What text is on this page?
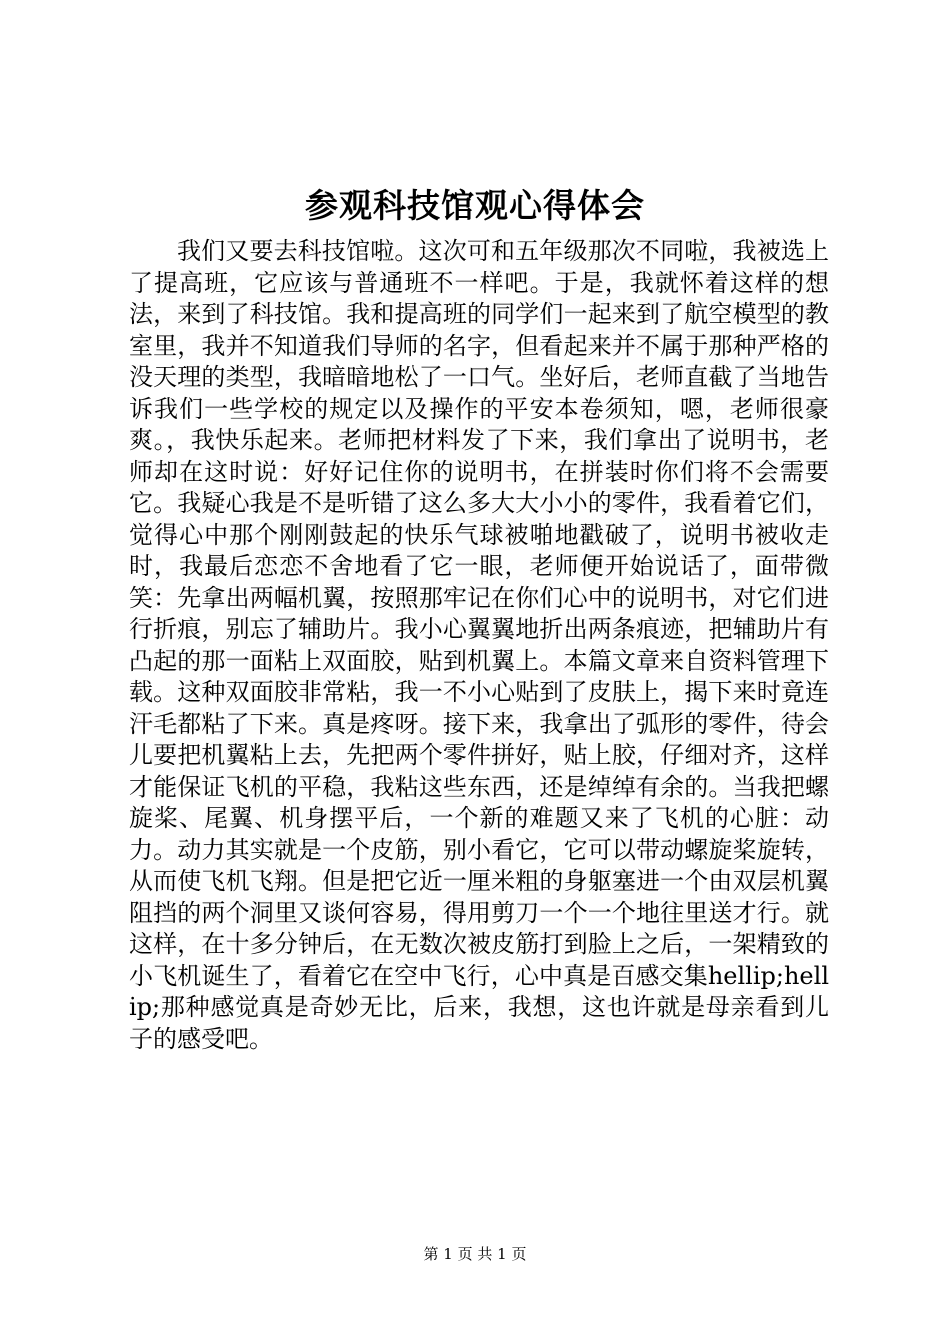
参观科技馆观心得体会

我们又要去科技馆啦。这次可和五年级那次不同啦，我被选上了提高班，它应该与普通班不一样吧。于是，我就怀着这样的想法，来到了科技馆。我和提高班的同学们一起来到了航空模型的教室里，我并不知道我们导师的名字，但看起来并不属于那种严格的没天理的类型，我暗暗地松了一口气。坐好后，老师直截了当地告诉我们一些学校的规定以及操作的平安本卷须知，嗯，老师很豪爽。，我快乐起来。老师把材料发了下来，我们拿出了说明书，老师却在这时说：好好记住你的说明书，在拼装时你们将不会需要它。我疑心我是不是听错了这么多大大小小的零件，我看着它们，觉得心中那个刚刚鼓起的快乐气球被啪地戳破了，说明书被收走时，我最后恋恋不舍地看了它一眼，老师便开始说话了，面带微笑：先拿出两幅机翼，按照那牢记在你们心中的说明书，对它们进行折痕，别忘了辅助片。我小心翼翼地折出两条痕迹，把辅助片有凸起的那一面粘上双面胶，贴到机翼上。本篇文章来自资料管理下载。这种双面胶非常粘，我一不小心贴到了皮肤上，揭下来时竟连汗毛都粘了下来。真是疼呀。接下来，我拿出了弧形的零件，待会儿要把机翼粘上去，先把两个零件拼好，贴上胶，仔细对齐，这样才能保证飞机的平稳，我粘这些东西，还是绰绰有余的。当我把螺旋桨、尾翼、机身摆平后，一个新的难题又来了飞机的心脏：动力。动力其实就是一个皮筋，别小看它，它可以带动螺旋桨旋转，从而使飞机飞翔。但是把它近一厘米粗的身躯塞进一个由双层机翼阻挡的两个洞里又谈何容易，得用剪刀一个一个地往里送才行。就这样，在十多分钟后，在无数次被皮筋打到脸上之后，一架精致的小飞机诞生了，看着它在空中飞行，心中真是百感交集hellip;hellip;那种感觉真是奇妙无比，后来，我想，这也许就是母亲看到儿子的感受吧。

第 1 页 共 1 页
